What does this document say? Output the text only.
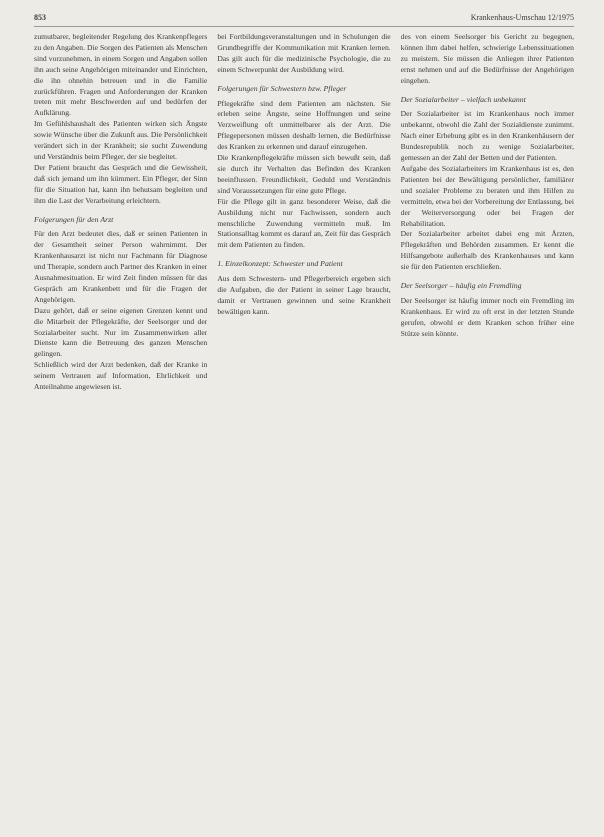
853	Krankenhaus-Umschau 12/1975

zumutbarer, begleitender Regelung des Krankenpflegers zu den Angaben. Die Sorgen des Patienten als Menschen sind vorzunehmen, in einem Sorgen und Angaben sollen ihn auch seine Angehörigen miteinander und Einrichten, die ihn ohnehin betreuen und in die Familie zurückführen. Fragen und Anforderungen der Kranken treten mit mehr Beschwerden auf und bedürfen der Aufklärung.

Im Gefühlshaushalt des Patienten wirken sich Ängste sowie Wünsche über die Zukunft aus. Die Persönlichkeit verändert sich in der Krankheit; sie sucht Zuwendung und Verständnis beim Pfleger, der sie begleitet.

Der Patient braucht das Gespräch und die Gewissheit, daß sich jemand um ihn kümmert. Ein Pfleger, der Sinn für die Situation hat, kann ihn behutsam begleiten und ihm die Last der Verarbeitung erleichtern.

Folgerungen für den Arzt

Für den Arzt bedeutet dies, daß er seinen Patienten in der Gesamtheit seiner Person wahrnimmt. Der Krankenhausarzt ist nicht nur Fachmann für Diagnose und Therapie, sondern auch Partner des Kranken in einer Ausnahmesituation. Er wird Zeit finden müssen für das Gespräch am Krankenbett und für die Fragen der Angehörigen.

Dazu gehört, daß er seine eigenen Grenzen kennt und die Mitarbeit der Pflegekräfte, der Seelsorger und der Sozialarbeiter sucht. Nur im Zusammenwirken aller Dienste kann die Betreuung des ganzen Menschen gelingen.

Schließlich wird der Arzt bedenken, daß der Kranke in seinem Vertrauen auf Information, Ehrlichkeit und Anteilnahme angewiesen ist.

bei Fortbildungsveranstaltungen und in Schulungen die Grundbegriffe der Kommunikation mit Kranken lernen. Das gilt auch für die medizinische Psychologie, die zu einem Schwerpunkt der Ausbildung wird.

Folgerungen für Schwestern bzw. Pfleger

Pflegekräfte sind dem Patienten am nächsten. Sie erleben seine Ängste, seine Hoffnungen und seine Verzweiflung oft unmittelbarer als der Arzt. Die Pflegepersonen müssen deshalb lernen, die Bedürfnisse des Kranken zu erkennen und darauf einzugehen.

Die Krankenpflegekräfte müssen sich bewußt sein, daß sie durch ihr Verhalten das Befinden des Kranken beeinflussen. Freundlichkeit, Geduld und Verständnis sind Voraussetzungen für eine gute Pflege.

Für die Pflege gilt in ganz besonderer Weise, daß die Ausbildung nicht nur Fachwissen, sondern auch menschliche Zuwendung vermitteln muß. Im Stationsalltag kommt es darauf an, Zeit für das Gespräch mit dem Patienten zu finden.

1. Einzelkonzept: Schwester und Patient

Aus dem Schwestern- und Pflegerbereich ergeben sich die Aufgaben, die der Patient in seiner Lage braucht, damit er Vertrauen gewinnen und seine Krankheit bewältigen kann.

des von einem Seelsorger bis Gericht zu begegnen, können ihm dabei helfen, schwierige Lebenssituationen zu meistern. Sie müssen die Anliegen ihrer Patienten ernst nehmen und auf die Bedürfnisse der Angehörigen eingehen.

Der Sozialarbeiter – vielfach unbekannt

Der Sozialarbeiter ist im Krankenhaus noch immer unbekannt, obwohl die Zahl der Sozialdienste zunimmt. Nach einer Erhebung gibt es in den Krankenhäusern der Bundesrepublik noch zu wenige Sozialarbeiter, gemessen an der Zahl der Betten und der Patienten.

Aufgabe des Sozialarbeiters im Krankenhaus ist es, den Patienten bei der Bewältigung persönlicher, familiärer und sozialer Probleme zu beraten und ihm Hilfen zu vermitteln, etwa bei der Vorbereitung der Entlassung, bei der Weiterversorgung oder bei Fragen der Rehabilitation.

Der Sozialarbeiter arbeitet dabei eng mit Ärzten, Pflegekräften und Behörden zusammen. Er kennt die Hilfsangebote außerhalb des Krankenhauses und kann sie für den Patienten erschließen.

Der Seelsorger – häufig ein Fremdling

Der Seelsorger ist häufig immer noch ein Fremdling im Krankenhaus. Er wird zu oft erst in der letzten Stunde gerufen, obwohl er dem Kranken schon früher eine Stütze sein könnte.
